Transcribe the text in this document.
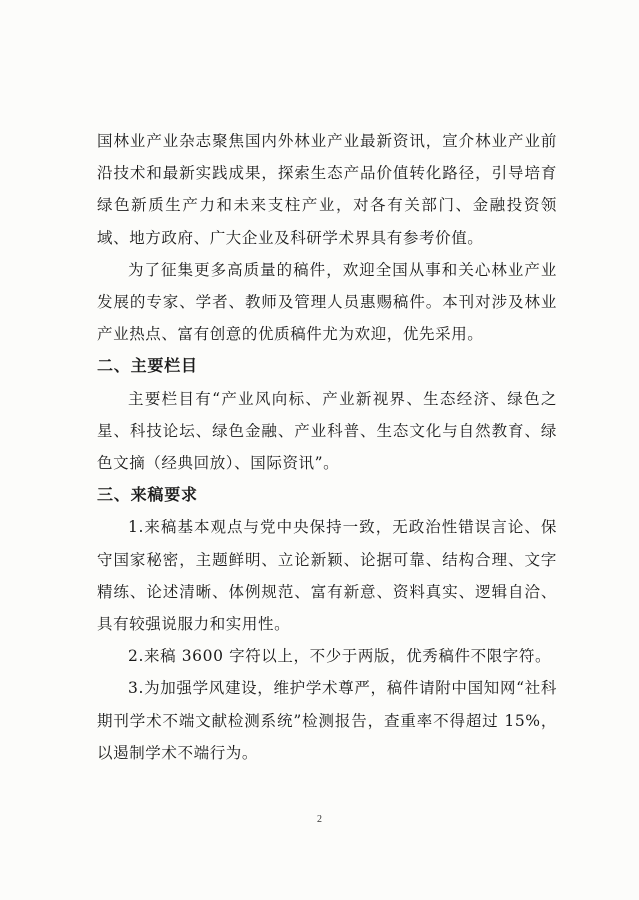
国林业产业杂志聚焦国内外林业产业最新资讯，宣介林业产业前沿技术和最新实践成果，探索生态产品价值转化路径，引导培育绿色新质生产力和未来支柱产业，对各有关部门、金融投资领域、地方政府、广大企业及科研学术界具有参考价值。

为了征集更多高质量的稿件，欢迎全国从事和关心林业产业发展的专家、学者、教师及管理人员惠赐稿件。本刊对涉及林业产业热点、富有创意的优质稿件尤为欢迎，优先采用。

二、主要栏目

主要栏目有“产业风向标、产业新视界、生态经济、绿色之星、科技论坛、绿色金融、产业科普、生态文化与自然教育、绿色文摘（经典回放）、国际资讯”。

三、来稿要求

1.来稿基本观点与党中央保持一致，无政治性错误言论、保守国家秘密，主题鲜明、立论新颖、论据可靠、结构合理、文字精练、论述清晰、体例规范、富有新意、资料真实、逻辑自洽、具有较强说服力和实用性。

2.来稿 3600 字符以上，不少于两版，优秀稿件不限字符。

3.为加强学风建设，维护学术尊严，稿件请附中国知网“社科期刊学术不端文献检测系统”检测报告，查重率不得超过 15%，以遏制学术不端行为。

2
